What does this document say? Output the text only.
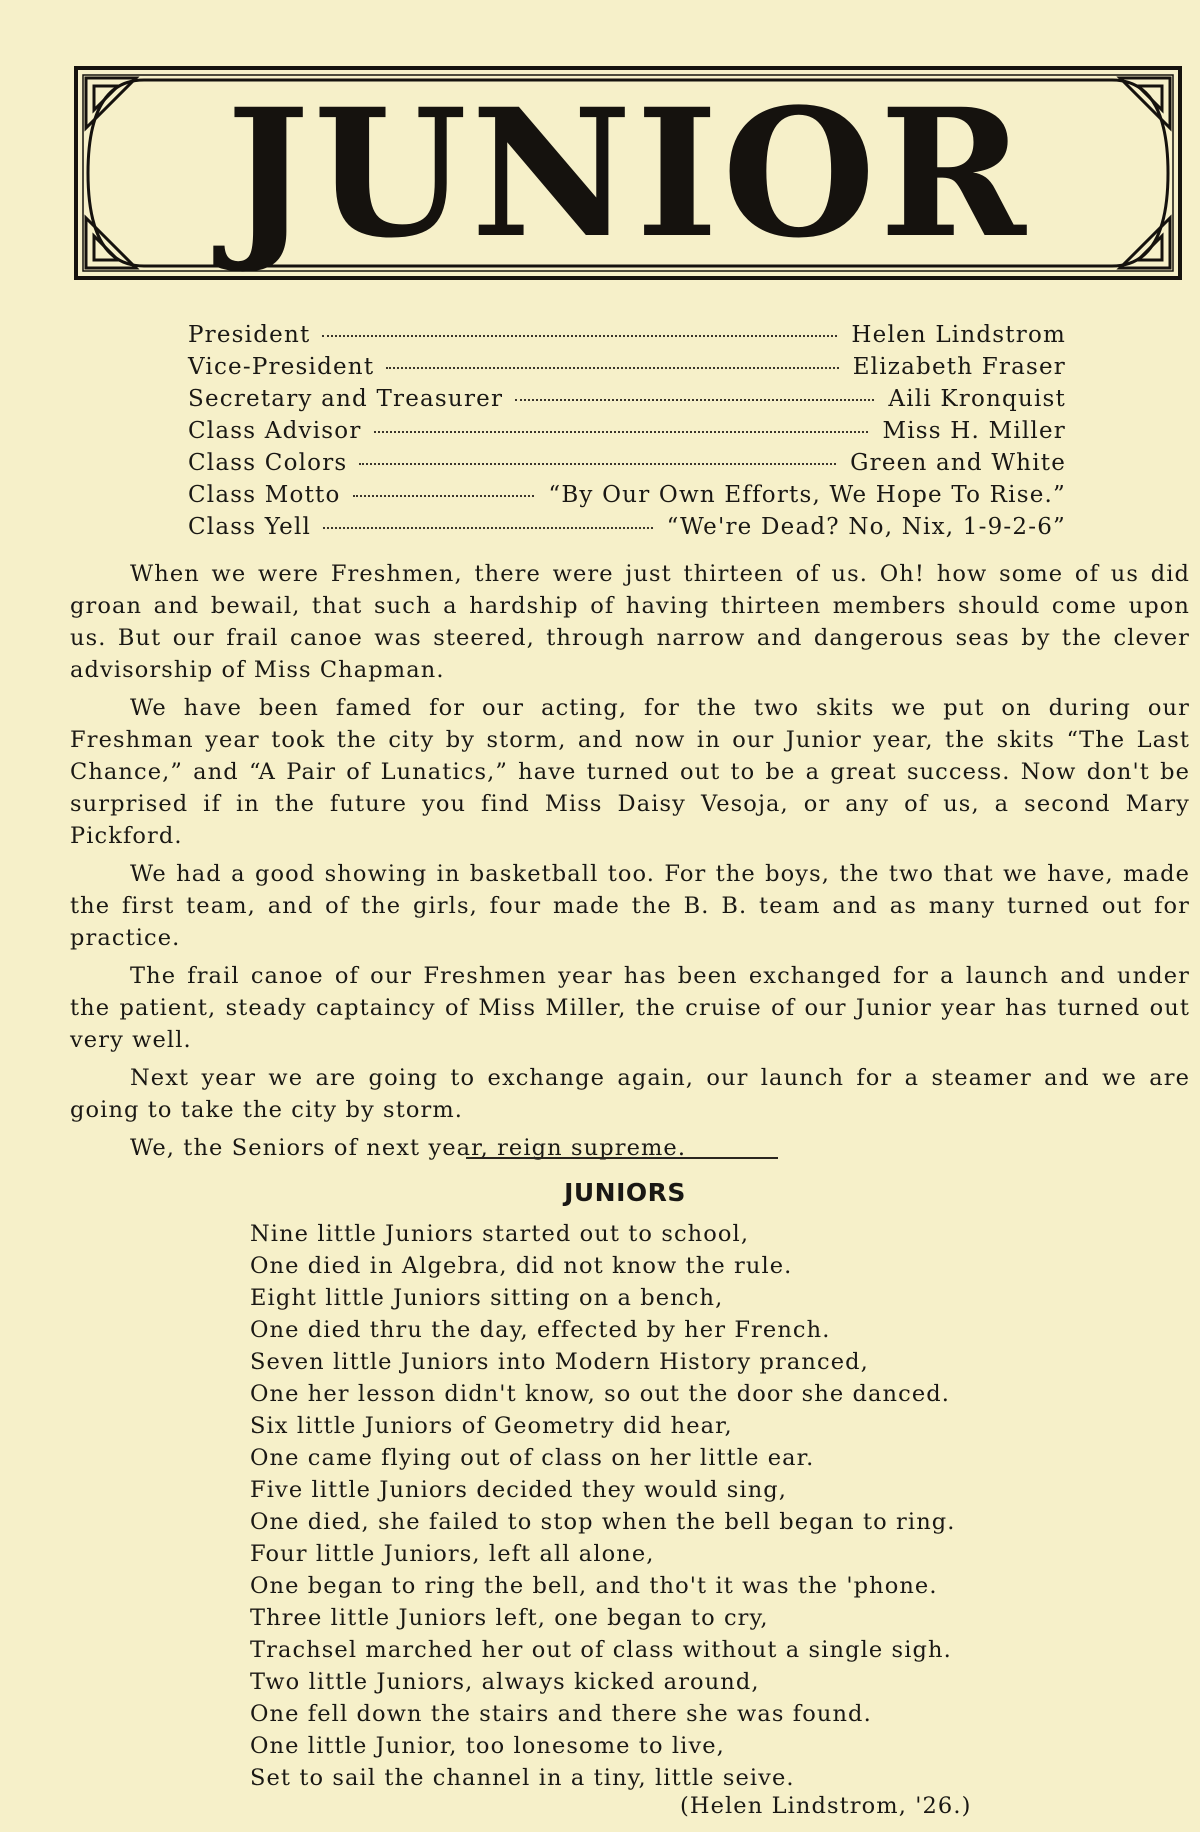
JUNIOR
President	Helen Lindstrom
Vice-President	Elizabeth Fraser
Secretary and Treasurer	Aili Kronquist
Class Advisor	Miss H. Miller
Class Colors	Green and White
Class Motto	“By Our Own Efforts, We Hope To Rise.”
Class Yell	“We're Dead? No, Nix, 1-9-2-6”

When we were Freshmen, there were just thirteen of us. Oh! how some of us did groan and bewail, that such a hardship of having thirteen members should come upon us. But our frail canoe was steered, through narrow and dangerous seas by the clever advisorship of Miss Chapman.

We have been famed for our acting, for the two skits we put on during our Freshman year took the city by storm, and now in our Junior year, the skits “The Last Chance,” and “A Pair of Lunatics,” have turned out to be a great success. Now don't be surprised if in the future you find Miss Daisy Vesoja, or any of us, a second Mary Pickford.

We had a good showing in basketball too. For the boys, the two that we have, made the first team, and of the girls, four made the B. B. team and as many turned out for practice.

The frail canoe of our Freshmen year has been exchanged for a launch and under the patient, steady captaincy of Miss Miller, the cruise of our Junior year has turned out very well.

Next year we are going to exchange again, our launch for a steamer and we are going to take the city by storm.

We, the Seniors of next year, reign supreme.

JUNIORS
Nine little Juniors started out to school,
One died in Algebra, did not know the rule.
Eight little Juniors sitting on a bench,
One died thru the day, effected by her French.
Seven little Juniors into Modern History pranced,
One her lesson didn't know, so out the door she danced.
Six little Juniors of Geometry did hear,
One came flying out of class on her little ear.
Five little Juniors decided they would sing,
One died, she failed to stop when the bell began to ring.
Four little Juniors, left all alone,
One began to ring the bell, and tho't it was the 'phone.
Three little Juniors left, one began to cry,
Trachsel marched her out of class without a single sigh.
Two little Juniors, always kicked around,
One fell down the stairs and there she was found.
One little Junior, too lonesome to live,
Set to sail the channel in a tiny, little seive.
(Helen Lindstrom, '26.)
